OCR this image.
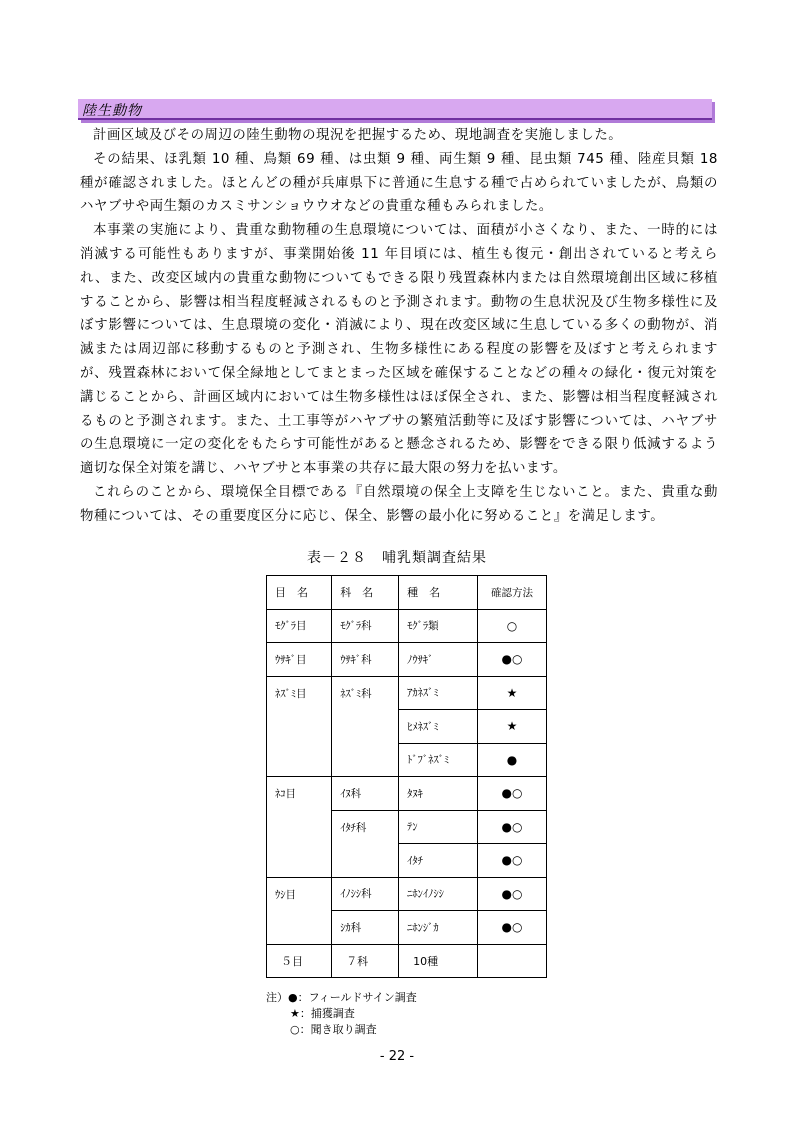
陸生動物

計画区域及びその周辺の陸生動物の現況を把握するため、現地調査を実施しました。

その結果、ほ乳類 10 種、鳥類 69 種、は虫類 9 種、両生類 9 種、昆虫類 745 種、陸産貝類 18 種が確認されました。ほとんどの種が兵庫県下に普通に生息する種で占められていましたが、鳥類のハヤブサや両生類のカスミサンショウウオなどの貴重な種もみられました。

本事業の実施により、貴重な動物種の生息環境については、面積が小さくなり、また、一時的には消滅する可能性もありますが、事業開始後 11 年目頃には、植生も復元・創出されていると考えられ、また、改変区域内の貴重な動物についてもできる限り残置森林内または自然環境創出区域に移植することから、影響は相当程度軽減されるものと予測されます。動物の生息状況及び生物多様性に及ぼす影響については、生息環境の変化・消滅により、現在改変区域に生息している多くの動物が、消滅または周辺部に移動するものと予測され、生物多様性にある程度の影響を及ぼすと考えられますが、残置森林において保全緑地としてまとまった区域を確保することなどの種々の緑化・復元対策を講じることから、計画区域内においては生物多様性はほぼ保全され、また、影響は相当程度軽減されるものと予測されます。また、土工事等がハヤブサの繁殖活動等に及ぼす影響については、ハヤブサの生息環境に一定の変化をもたらす可能性があると懸念されるため、影響をできる限り低減するよう適切な保全対策を講じ、ハヤブサと本事業の共存に最大限の努力を払います。

これらのことから、環境保全目標である『自然環境の保全上支障を生じないこと。また、貴重な動物種については、その重要度区分に応じ、保全、影響の最小化に努めること』を満足します。

表－２８　哺乳類調査結果
目　名	科　名	種　名	確認方法
ﾓｸﾞﾗ目	ﾓｸﾞﾗ科	ﾓｸﾞﾗ類	○
ｳｻｷﾞ目	ｳｻｷﾞ科	ﾉｳｻｷﾞ	●○
ﾈｽﾞﾐ目	ﾈｽﾞﾐ科	ｱｶﾈｽﾞﾐ	★
		ﾋﾒﾈｽﾞﾐ	★
		ﾄﾞﾌﾞﾈｽﾞﾐ	●
ﾈｺ目	ｲﾇ科	ﾀﾇｷ	●○
	ｲﾀﾁ科	ﾃﾝ	●○
		ｲﾀﾁ	●○
ｳｼ目	ｲﾉｼｼ科	ﾆﾎﾝｲﾉｼｼ	●○
	ｼｶ科	ﾆﾎﾝｼﾞｶ	●○
５目	７科	10種	
注）●：フィールドサイン調査
★：捕獲調査
○：聞き取り調査
- 22 -
